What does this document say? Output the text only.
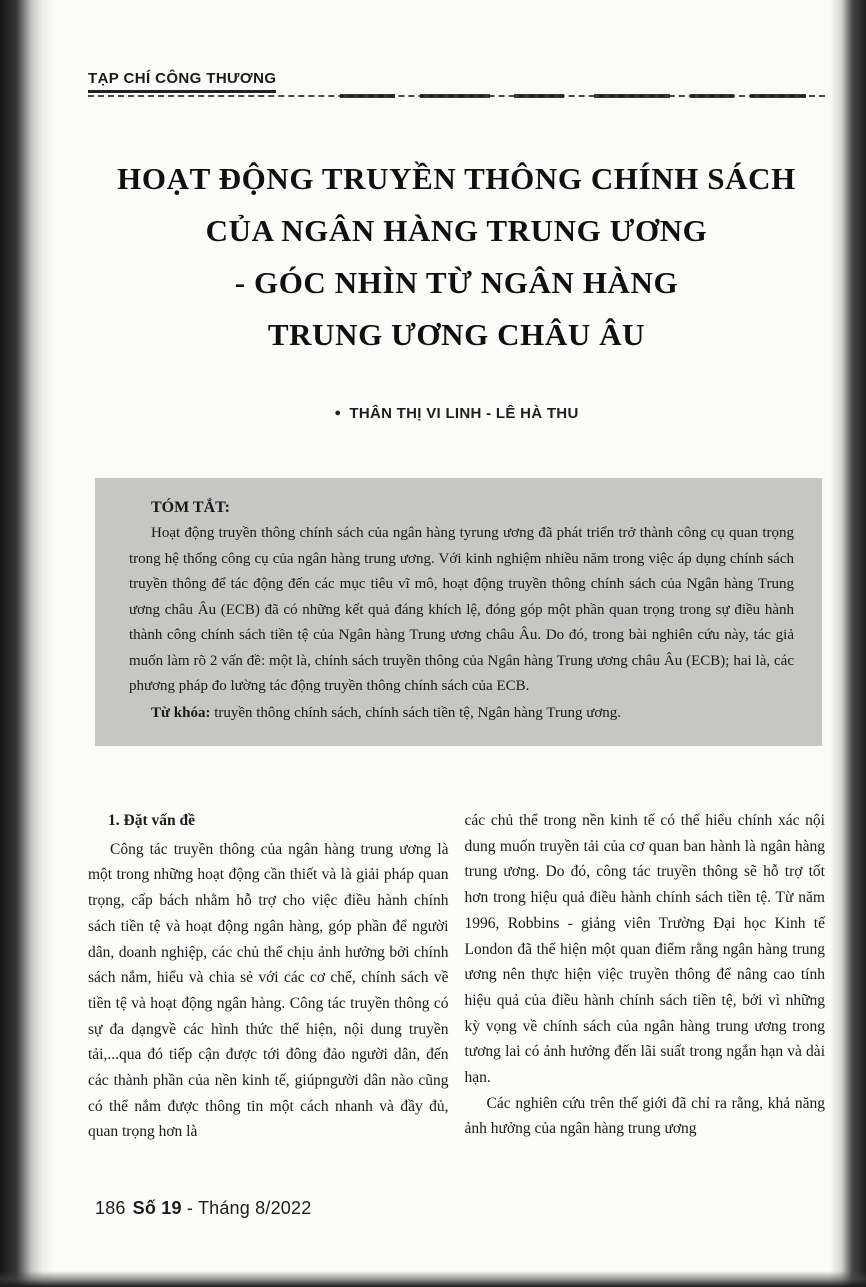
TẠP CHÍ CÔNG THƯƠNG
HOẠT ĐỘNG TRUYỀN THÔNG CHÍNH SÁCH
CỦA NGÂN HÀNG TRUNG ƯƠNG
- GÓC NHÌN TỪ NGÂN HÀNG
TRUNG ƯƠNG CHÂU ÂU
● THÂN THỊ VI LINH - LÊ HÀ THU
TÓM TẮT:

Hoạt động truyền thông chính sách của ngân hàng tyrung ương đã phát triển trở thành công cụ quan trọng trong hệ thống công cụ của ngân hàng trung ương. Với kinh nghiệm nhiều năm trong việc áp dụng chính sách truyền thông để tác động đến các mục tiêu vĩ mô, hoạt động truyền thông chính sách của Ngân hàng Trung ương châu Âu (ECB) đã có những kết quả đáng khích lệ, đóng góp một phần quan trọng trong sự điều hành thành công chính sách tiền tệ của Ngân hàng Trung ương châu Âu. Do đó, trong bài nghiên cứu này, tác giả muốn làm rõ 2 vấn đề: một là, chính sách truyền thông của Ngân hàng Trung ương châu Âu (ECB); hai là, các phương pháp đo lường tác động truyền thông chính sách của ECB.

Từ khóa: truyền thông chính sách, chính sách tiền tệ, Ngân hàng Trung ương.

1. Đặt vấn đề

Công tác truyền thông của ngân hàng trung ương là một trong những hoạt động cần thiết và là giải pháp quan trọng, cấp bách nhằm hỗ trợ cho việc điều hành chính sách tiền tệ và hoạt động ngân hàng, góp phần để người dân, doanh nghiệp, các chủ thể chịu ảnh hưởng bởi chính sách nắm, hiểu và chia sẻ với các cơ chế, chính sách về tiền tệ và hoạt động ngân hàng. Công tác truyền thông có sự đa dạngvề các hình thức thể hiện, nội dung truyền tải,...qua đó tiếp cận được tới đông đảo người dân, đến các thành phần của nền kinh tế, giúpngười dân nào cũng có thể nắm được thông tin một cách nhanh và đầy đủ, quan trọng hơn là

các chủ thể trong nền kinh tế có thể hiểu chính xác nội dung muốn truyền tải của cơ quan ban hành là ngân hàng trung ương. Do đó, công tác truyền thông sẽ hỗ trợ tốt hơn trong hiệu quả điều hành chính sách tiền tệ. Từ năm 1996, Robbins - giảng viên Trường Đại học Kinh tế London đã thể hiện một quan điểm rằng ngân hàng trung ương nên thực hiện việc truyền thông để nâng cao tính hiệu quả của điều hành chính sách tiền tệ, bởi vì những kỳ vọng về chính sách của ngân hàng trung ương trong tương lai có ảnh hưởng đến lãi suất trong ngắn hạn và dài hạn.

Các nghiên cứu trên thế giới đã chỉ ra rằng, khả năng ảnh hưởng của ngân hàng trung ương

186 Số 19 - Tháng 8/2022
